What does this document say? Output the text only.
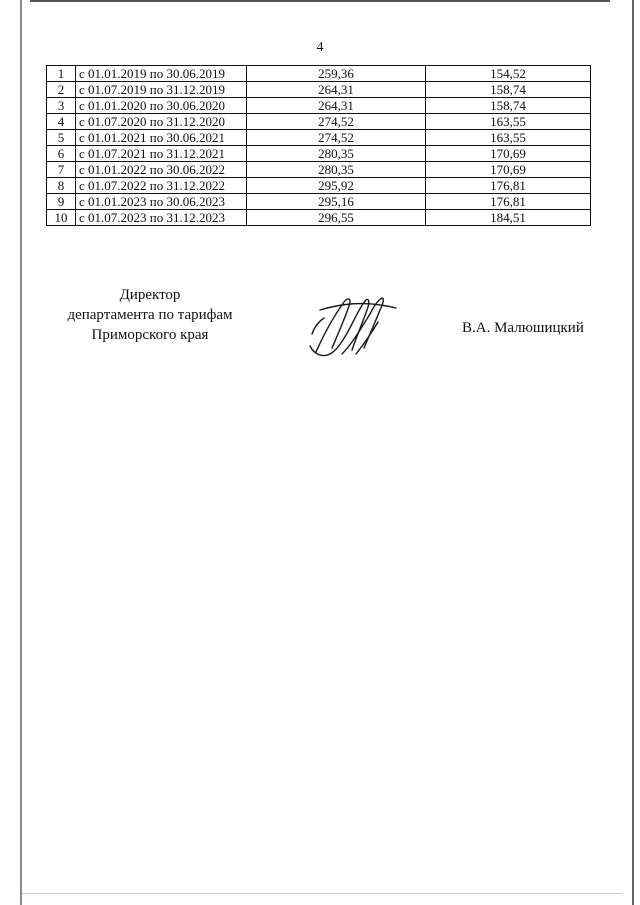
4
1	с 01.01.2019 по 30.06.2019	259,36	154,52
2	с 01.07.2019 по 31.12.2019	264,31	158,74
3	с 01.01.2020 по 30.06.2020	264,31	158,74
4	с 01.07.2020 по 31.12.2020	274,52	163,55
5	с 01.01.2021 по 30.06.2021	274,52	163,55
6	с 01.07.2021 по 31.12.2021	280,35	170,69
7	с 01.01.2022 по 30.06.2022	280,35	170,69
8	с 01.07.2022 по 31.12.2022	295,92	176,81
9	с 01.01.2023 по 30.06.2023	295,16	176,81
10	с 01.07.2023 по 31.12.2023	296,55	184,51
Директор
департамента по тарифам
Приморского края	В.А. Малюшицкий
